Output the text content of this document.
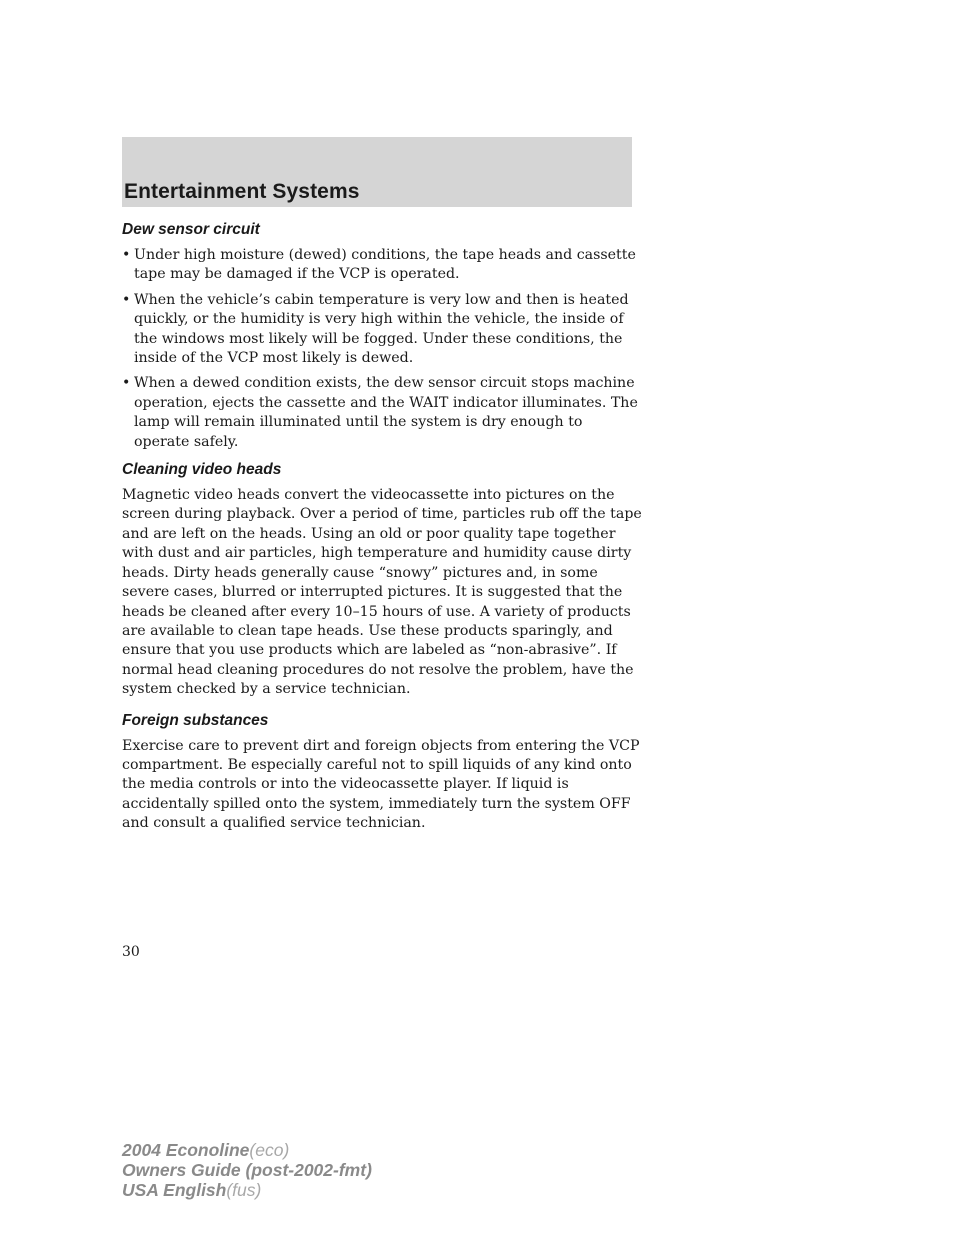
Entertainment Systems
Dew sensor circuit
• Under high moisture (dewed) conditions, the tape heads and cassette tape may be damaged if the VCP is operated.
• When the vehicle’s cabin temperature is very low and then is heated quickly, or the humidity is very high within the vehicle, the inside of the windows most likely will be fogged. Under these conditions, the inside of the VCP most likely is dewed.
• When a dewed condition exists, the dew sensor circuit stops machine operation, ejects the cassette and the WAIT indicator illuminates. The lamp will remain illuminated until the system is dry enough to operate safely.
Cleaning video heads

Magnetic video heads convert the videocassette into pictures on the screen during playback. Over a period of time, particles rub off the tape and are left on the heads. Using an old or poor quality tape together with dust and air particles, high temperature and humidity cause dirty heads. Dirty heads generally cause “snowy” pictures and, in some severe cases, blurred or interrupted pictures. It is suggested that the heads be cleaned after every 10–15 hours of use. A variety of products are available to clean tape heads. Use these products sparingly, and ensure that you use products which are labeled as “non-abrasive”. If normal head cleaning procedures do not resolve the problem, have the system checked by a service technician.

Foreign substances

Exercise care to prevent dirt and foreign objects from entering the VCP compartment. Be especially careful not to spill liquids of any kind onto the media controls or into the videocassette player. If liquid is accidentally spilled onto the system, immediately turn the system OFF and consult a qualified service technician.

30
2004 Econoline(eco)
Owners Guide (post-2002-fmt)
USA English(fus)
